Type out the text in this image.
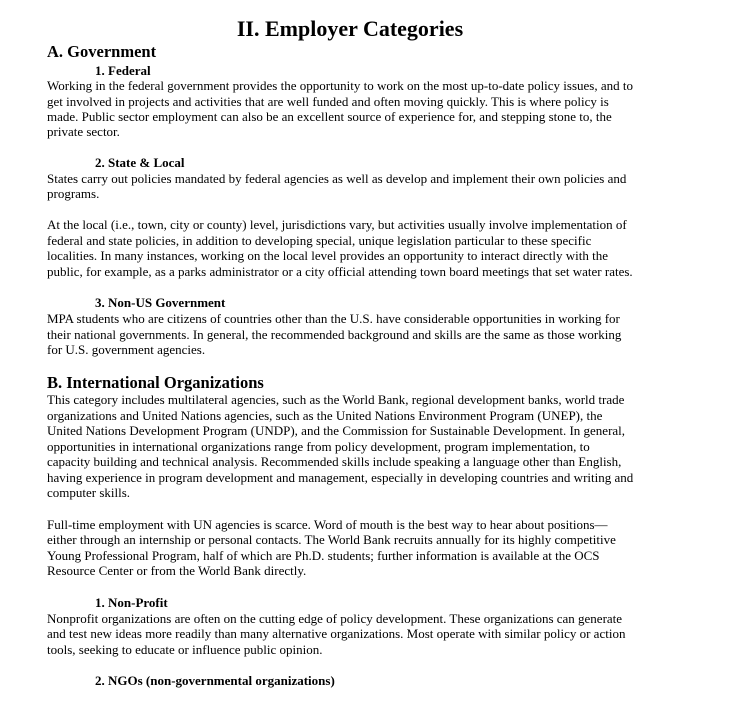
II. Employer Categories
A. Government
1. Federal
Working in the federal government provides the opportunity to work on the most up-to-date policy issues, and to
get involved in projects and activities that are well funded and often moving quickly. This is where policy is
made. Public sector employment can also be an excellent source of experience for, and stepping stone to, the
private sector.
2. State & Local
States carry out policies mandated by federal agencies as well as develop and implement their own policies and
programs.
At the local (i.e., town, city or county) level, jurisdictions vary, but activities usually involve implementation of
federal and state policies, in addition to developing special, unique legislation particular to these specific
localities. In many instances, working on the local level provides an opportunity to interact directly with the
public, for example, as a parks administrator or a city official attending town board meetings that set water rates.
3. Non-US Government
MPA students who are citizens of countries other than the U.S. have considerable opportunities in working for
their national governments. In general, the recommended background and skills are the same as those working
for U.S. government agencies.
B. International Organizations
This category includes multilateral agencies, such as the World Bank, regional development banks, world trade
organizations and United Nations agencies, such as the United Nations Environment Program (UNEP), the
United Nations Development Program (UNDP), and the Commission for Sustainable Development. In general,
opportunities in international organizations range from policy development, program implementation, to
capacity building and technical analysis. Recommended skills include speaking a language other than English,
having experience in program development and management, especially in developing countries and writing and
computer skills.
Full-time employment with UN agencies is scarce. Word of mouth is the best way to hear about positions—
either through an internship or personal contacts. The World Bank recruits annually for its highly competitive
Young Professional Program, half of which are Ph.D. students; further information is available at the OCS
Resource Center or from the World Bank directly.
1. Non-Profit
Nonprofit organizations are often on the cutting edge of policy development. These organizations can generate
and test new ideas more readily than many alternative organizations. Most operate with similar policy or action
tools, seeking to educate or influence public opinion.
2. NGOs (non-governmental organizations)
